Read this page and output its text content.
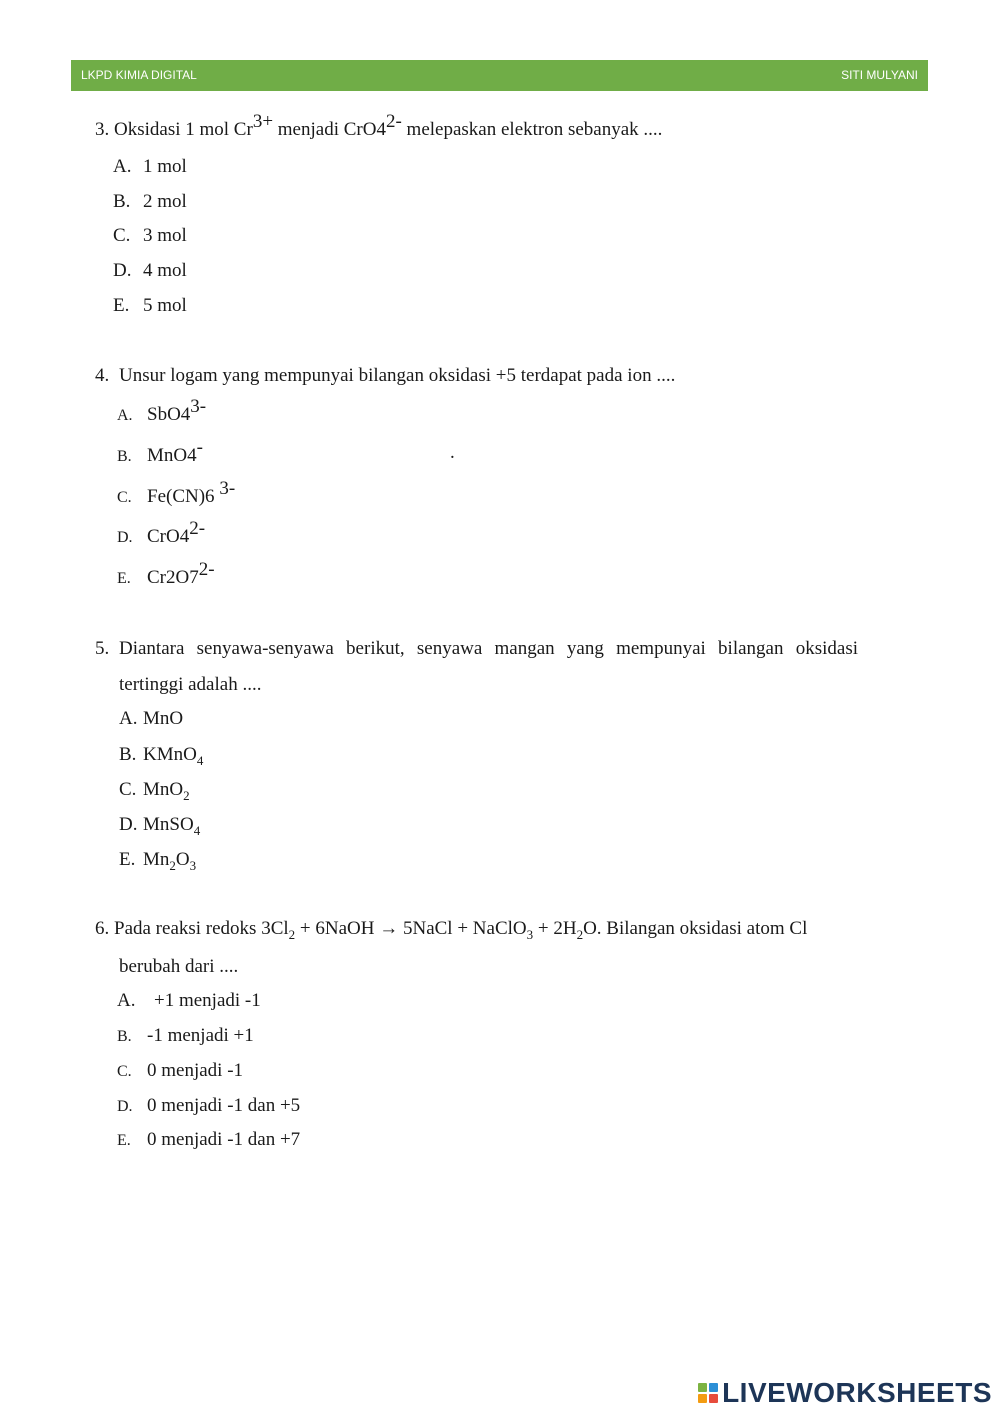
LKPD KIMIA DIGITAL	SITI MULYANI
3. Oksidasi 1 mol Cr3+ menjadi CrO42- melepaskan elektron sebanyak ....
A. 1 mol
B. 2 mol
C. 3 mol
D. 4 mol
E. 5 mol
4. Unsur logam yang mempunyai bilangan oksidasi +5 terdapat pada ion ....
A. SbO43-
B. MnO4-	.
C. Fe(CN)6 3-
D. CrO42-
E. Cr2O72-
5. Diantara senyawa-senyawa berikut, senyawa mangan yang mempunyai bilangan oksidasi
tertinggi adalah ....
A. MnO
B. KMnO$_4$
C. MnO$_2$
D. MnSO$_4$
E. $Mn_2O_3$
6. Pada reaksi redoks $3Cl_2$ + 6NaOH → 5NaCl + NaClO$_3$ + $2H_2O$. Bilangan oksidasi atom Cl
berubah dari ....
A. +1 menjadi -1
B. -1 menjadi +1
C. 0 menjadi -1
D. 0 menjadi -1 dan +5
E. 0 menjadi -1 dan +7
LIVEWORKSHEETS
